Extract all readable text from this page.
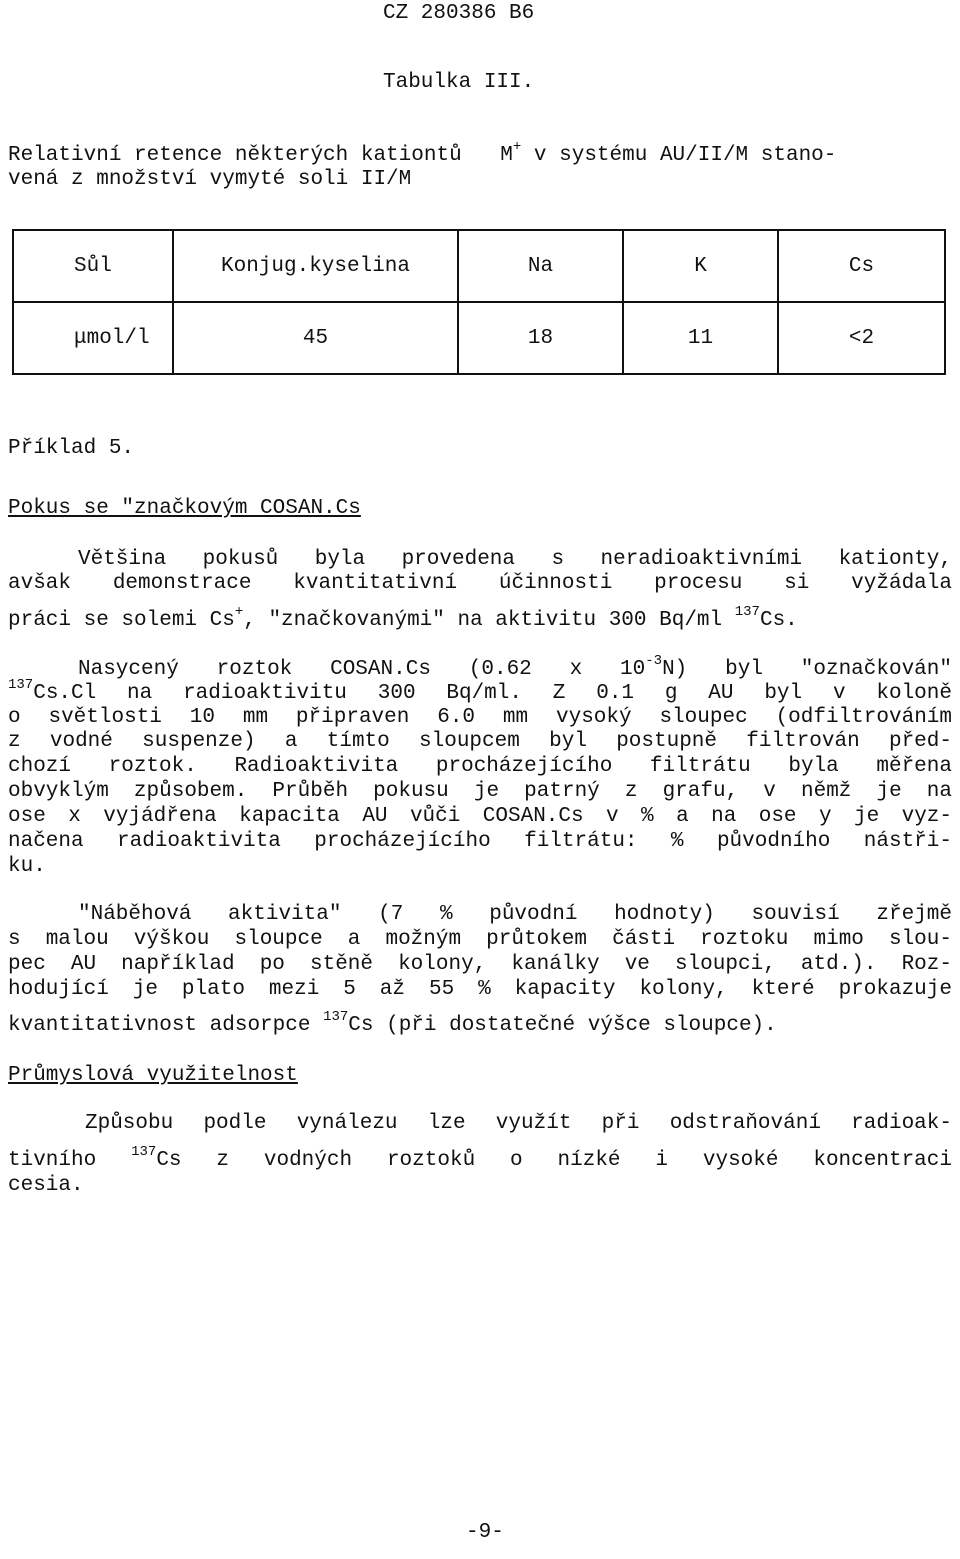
CZ 280386 B6
Tabulka III.
Relativní retence některých kationtů M+ v systému AU/II/M stano-
vená z množství vymyté soli II/M
Sůl	Konjug.kyselina	Na	K	Cs
μmol/l	45	18	11	<2
Příklad 5.
Pokus se "značkovým COSAN.Cs
Většina pokusů byla provedena s neradioaktivními kationty,
avšak demonstrace kvantitativní účinnosti procesu si vyžádala
práci se solemi Cs+, "značkovanými" na aktivitu 300 Bq/ml $^{137}$Cs.
Nasycený roztok COSAN.Cs (0.62 x $10^{-3}N$) byl "označkován"
$^{137}$Cs.Cl na radioaktivitu 300 Bq/ml. Z 0.1 g AU byl v koloně
o světlosti 10 mm připraven 6.0 mm vysoký sloupec (odfiltrováním
z vodné suspenze) a tímto sloupcem byl postupně filtrován před-
chozí roztok. Radioaktivita procházejícího filtrátu byla měřena
obvyklým způsobem. Průběh pokusu je patrný z grafu, v němž je na
ose x vyjádřena kapacita AU vůči COSAN.Cs v % a na ose y je vyz-
načena radioaktivita procházejícího filtrátu: % původního nástři-
ku.
"Náběhová aktivita" (7 % původní hodnoty) souvisí zřejmě
s malou výškou sloupce a možným průtokem části roztoku mimo slou-
pec AU například po stěně kolony, kanálky ve sloupci, atd.). Roz-
hodující je plato mezi 5 až 55 % kapacity kolony, které prokazuje
kvantitativnost adsorpce $^{137}$Cs (při dostatečné výšce sloupce).
Průmyslová využitelnost
Způsobu podle vynálezu lze využít při odstraňování radioak-
tivního $^{137}$Cs z vodných roztoků o nízké i vysoké koncentraci
cesia.
-9-
